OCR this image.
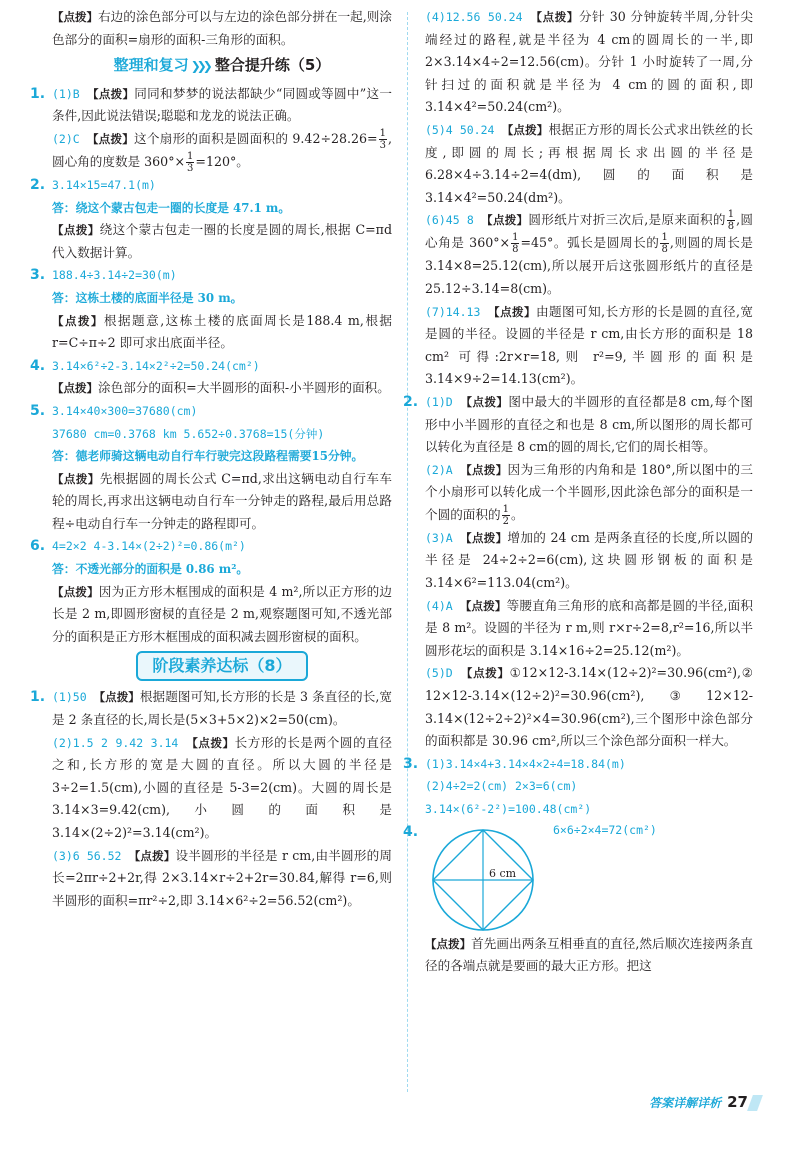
【点拨】右边的涂色部分可以与左边的涂色部分拼在一起,则涂色部分的面积=扇形的面积-三角形的面积。

整理和复习 ❯❯❯ 整合提升练（5）

1. (1)B　 【点拨】同同和梦梦的说法都缺少“同圆或等圆中”这一条件,因此说法错误;聪聪和龙龙的说法正确。

(2)C　 【点拨】这个扇形的面积是圆面积的 $9.42\div 28.26= \frac{1}{3}$ ,圆心角的度数是 $360^\circ\times \frac{1}{3} =120^\circ$。

2. 3.14×15=47.1(m)

答：绕这个蒙古包走一圈的长度是 47.1 m。

【点拨】绕这个蒙古包走一圈的长度是圆的周长,根据 C=πd 代入数据计算。

3. 188.4÷3.14÷2=30(m)

答：这栋土楼的底面半径是 30 m。

【点拨】根据题意,这栋土楼的底面周长是188.4 m,根据 r=C÷π÷2 即可求出底面半径。

4. 3.14×6²÷2-3.14×2²÷2=50.24(cm²)

【点拨】涂色部分的面积=大半圆形的面积-小半圆形的面积。

5. 3.14×40×300=37680(cm)

37680 cm=0.3768 km 5.652÷0.3768=15(分钟)

答：德老师骑这辆电动自行车行驶完这段路程需要15分钟。

【点拨】先根据圆的周长公式 C=πd,求出这辆电动自行车车轮的周长,再求出这辆电动自行车一分钟走的路程,最后用总路程÷电动自行车一分钟走的路程即可。

6. 4=2×2 4-3.14×(2÷2)²=0.86(m²)

答：不透光部分的面积是 0.86 m²。

【点拨】因为正方形木框围成的面积是 4 m²,所以正方形的边长是 2 m,即圆形窗棂的直径是 2 m,观察题图可知,不透光部分的面积是正方形木框围成的面积减去圆形窗棂的面积。

阶段素养达标（8）

1. (1)50　 【点拨】根据题图可知,长方形的长是 3 条直径的长,宽是 2 条直径的长,周长是(5×3+5×2)×2=50(cm)。

(2)1.5 2 9.42 3.14　 【点拨】长方形的长是两个圆的直径之和,长方形的宽是大圆的直径。所以大圆的半径是 3÷2=1.5(cm),小圆的直径是 5-3=2(cm)。大圆的周长是 3.14×3=9.42(cm),小圆的面积是 3.14×(2÷2)²=3.14(cm²)。

(3)6 56.52　 【点拨】设半圆形的半径是 r cm,由半圆形的周长=2πr÷2+2r,得 2×3.14×r÷2+2r=30.84,解得 r=6,则半圆形的面积=πr²÷2,即 3.14×6²÷2=56.52(cm²)。

(4)12.56 50.24　 【点拨】分针 30 分钟旋转半周,分针尖端经过的路程,就是半径为 4 cm的圆周长的一半,即 2×3.14×4÷2=12.56(cm)。分针 1 小时旋转了一周,分针扫过的面积就是半径为 4 cm的圆的面积,即 3.14×4²=50.24(cm²)。

(5)4 50.24　 【点拨】根据正方形的周长公式求出铁丝的长度,即圆的周长;再根据周长求出圆的半径是 6.28×4÷3.14÷2=4(dm),圆的面积是 3.14×4²=50.24(dm²)。

(6)45 8　 【点拨】圆形纸片对折三次后,是原来面积的 $\frac{1}{8}$ ,圆心角是 $360^\circ\times \frac{1}{8} =45^\circ$。弧长是圆周长的 $\frac{1}{8}$ ,则圆的周长是 3.14×8=25.12(cm),所以展开后这张圆形纸片的直径是 25.12÷3.14=8(cm)。

(7)14.13　 【点拨】由题图可知,长方形的长是圆的直径,宽是圆的半径。设圆的半径是 r cm,由长方形的面积是 18 cm² 可得:2r×r=18,则 r²=9,半圆形的面积是 3.14×9÷2=14.13(cm²)。

2. (1)D　 【点拨】图中最大的半圆形的直径都是8 cm,每个图形中小半圆形的直径之和也是 8 cm,所以图形的周长都可以转化为直径是 8 cm的圆的周长,它们的周长相等。

(2)A　 【点拨】因为三角形的内角和是 180°,所以图中的三个小扇形可以转化成一个半圆形,因此涂色部分的面积是一个圆的面积的 $\frac{1}{2}$ 。

(3)A　 【点拨】增加的 24 cm 是两条直径的长度,所以圆的半径是 24÷2÷2=6(cm),这块圆形钢板的面积是 3.14×6²=113.04(cm²)。

(4)A　 【点拨】等腰直角三角形的底和高都是圆的半径,面积是 8 m²。设圆的半径为 r m,则 r×r÷2=8,r²=16,所以半圆形花坛的面积是 3.14×16÷2=25.12(m²)。

(5)D　 【点拨】①12×12-3.14×(12÷2)²=30.96(cm²),② 12×12-3.14×(12÷2)²=30.96(cm²),③12×12-3.14×(12÷2÷2)²×4=30.96(cm²),三个图形中涂色部分的面积都是 30.96 cm²,所以三个涂色部分面积一样大。

3. (1)3.14×4+3.14×4×2÷4=18.84(m)

(2)4÷2=2(cm) 2×3=6(cm)

3.14×(6²-2²)=100.48(cm²)

4.
6 cm
6×6÷2×4=72(cm²)

【点拨】首先画出两条互相垂直的直径,然后顺次连接两条直径的各端点就是要画的最大正方形。把这

答案详解详析 27
